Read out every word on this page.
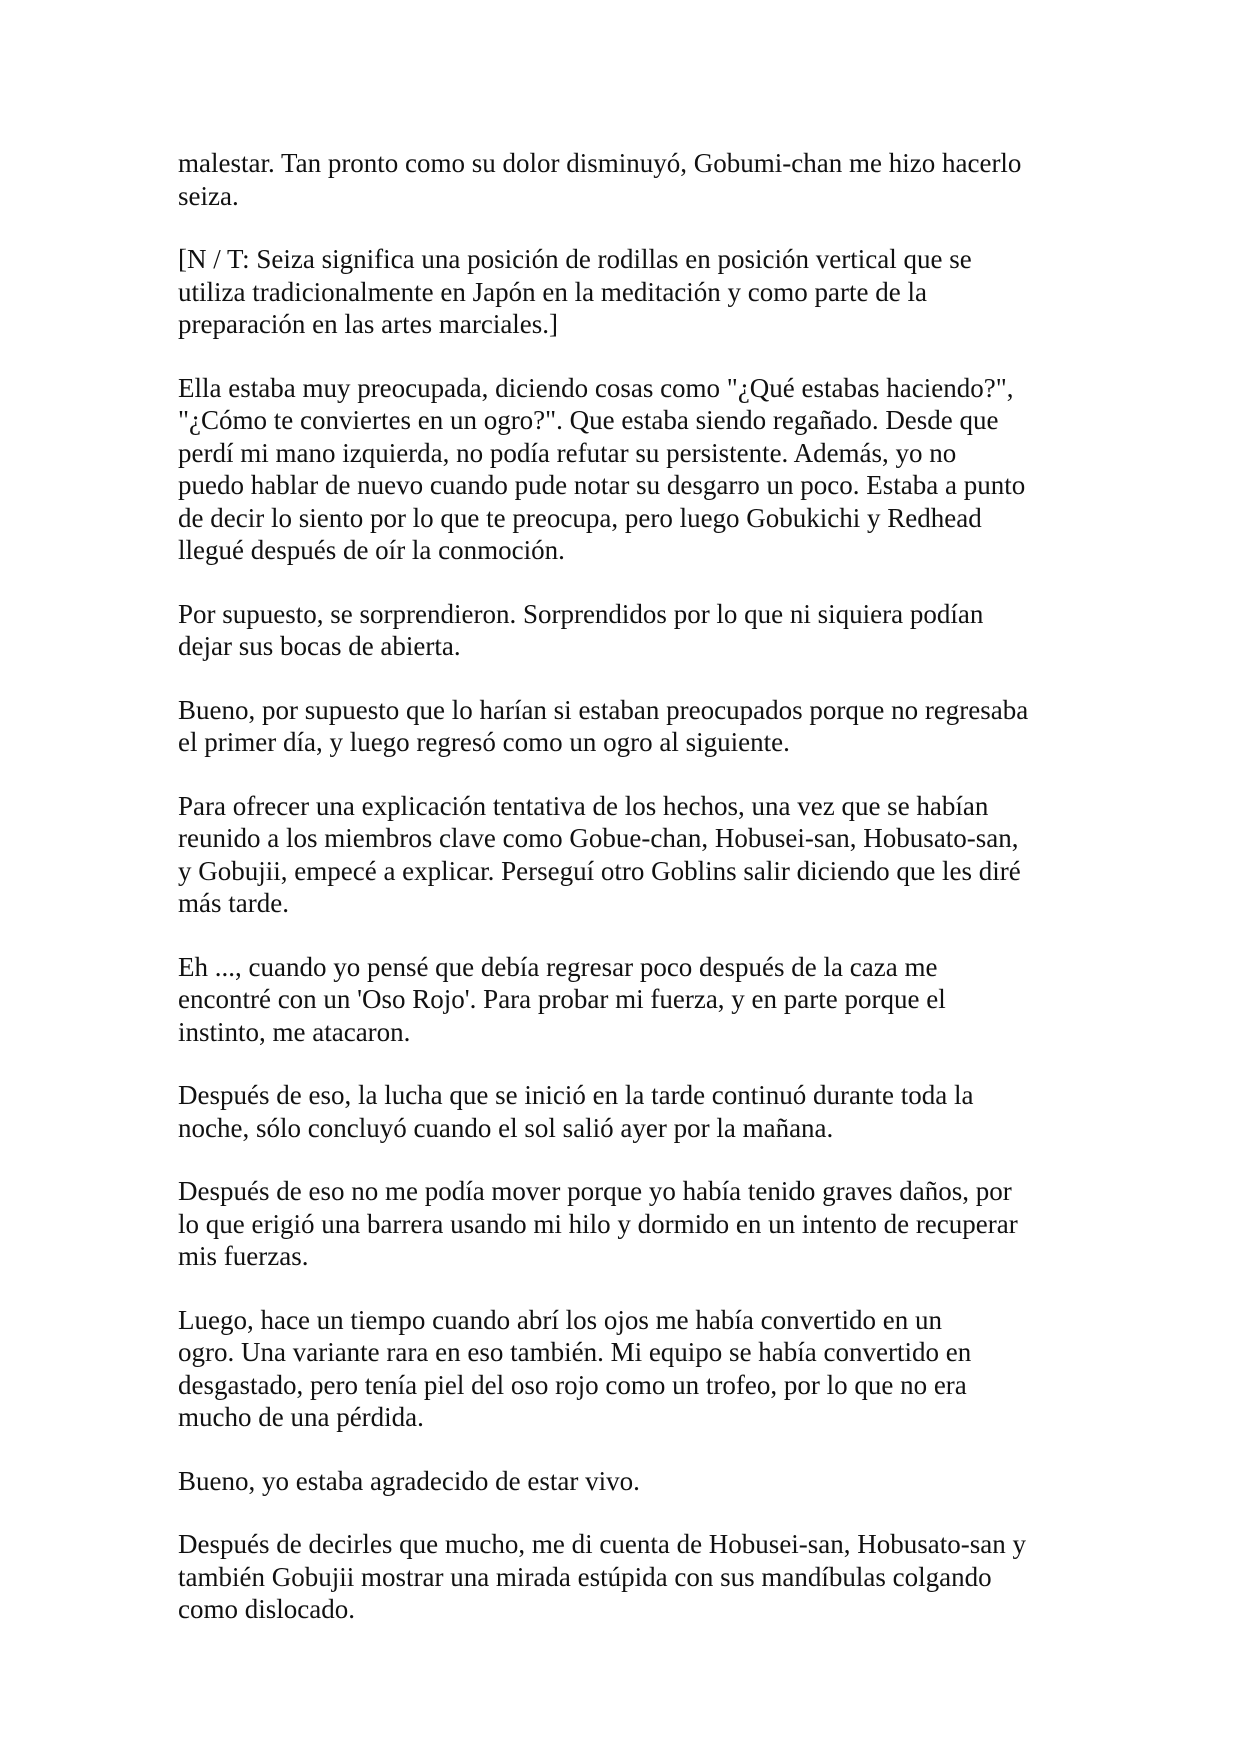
malestar. Tan pronto como su dolor disminuyó, Gobumi-chan me hizo hacerlo
seiza.

[N / T: Seiza significa una posición de rodillas en posición vertical que se
utiliza tradicionalmente en Japón en la meditación y como parte de la
preparación en las artes marciales.]

Ella estaba muy preocupada, diciendo cosas como "¿Qué estabas haciendo?",
"¿Cómo te conviertes en un ogro?". Que estaba siendo regañado. Desde que
perdí mi mano izquierda, no podía refutar su persistente. Además, yo no
puedo hablar de nuevo cuando pude notar su desgarro un poco. Estaba a punto
de decir lo siento por lo que te preocupa, pero luego Gobukichi y Redhead
llegué después de oír la conmoción.

Por supuesto, se sorprendieron. Sorprendidos por lo que ni siquiera podían
dejar sus bocas de abierta.

Bueno, por supuesto que lo harían si estaban preocupados porque no regresaba
el primer día, y luego regresó como un ogro al siguiente.

Para ofrecer una explicación tentativa de los hechos, una vez que se habían
reunido a los miembros clave como Gobue-chan, Hobusei-san, Hobusato-san,
y Gobujii, empecé a explicar. Perseguí otro Goblins salir diciendo que les diré
más tarde.

Eh ..., cuando yo pensé que debía regresar poco después de la caza me
encontré con un 'Oso Rojo'. Para probar mi fuerza, y en parte porque el
instinto, me atacaron.

Después de eso, la lucha que se inició en la tarde continuó durante toda la
noche, sólo concluyó cuando el sol salió ayer por la mañana.

Después de eso no me podía mover porque yo había tenido graves daños, por
lo que erigió una barrera usando mi hilo y dormido en un intento de recuperar
mis fuerzas.

Luego, hace un tiempo cuando abrí los ojos me había convertido en un
ogro. Una variante rara en eso también. Mi equipo se había convertido en
desgastado, pero tenía piel del oso rojo como un trofeo, por lo que no era
mucho de una pérdida.

Bueno, yo estaba agradecido de estar vivo.

Después de decirles que mucho, me di cuenta de Hobusei-san, Hobusato-san y
también Gobujii mostrar una mirada estúpida con sus mandíbulas colgando
como dislocado.
